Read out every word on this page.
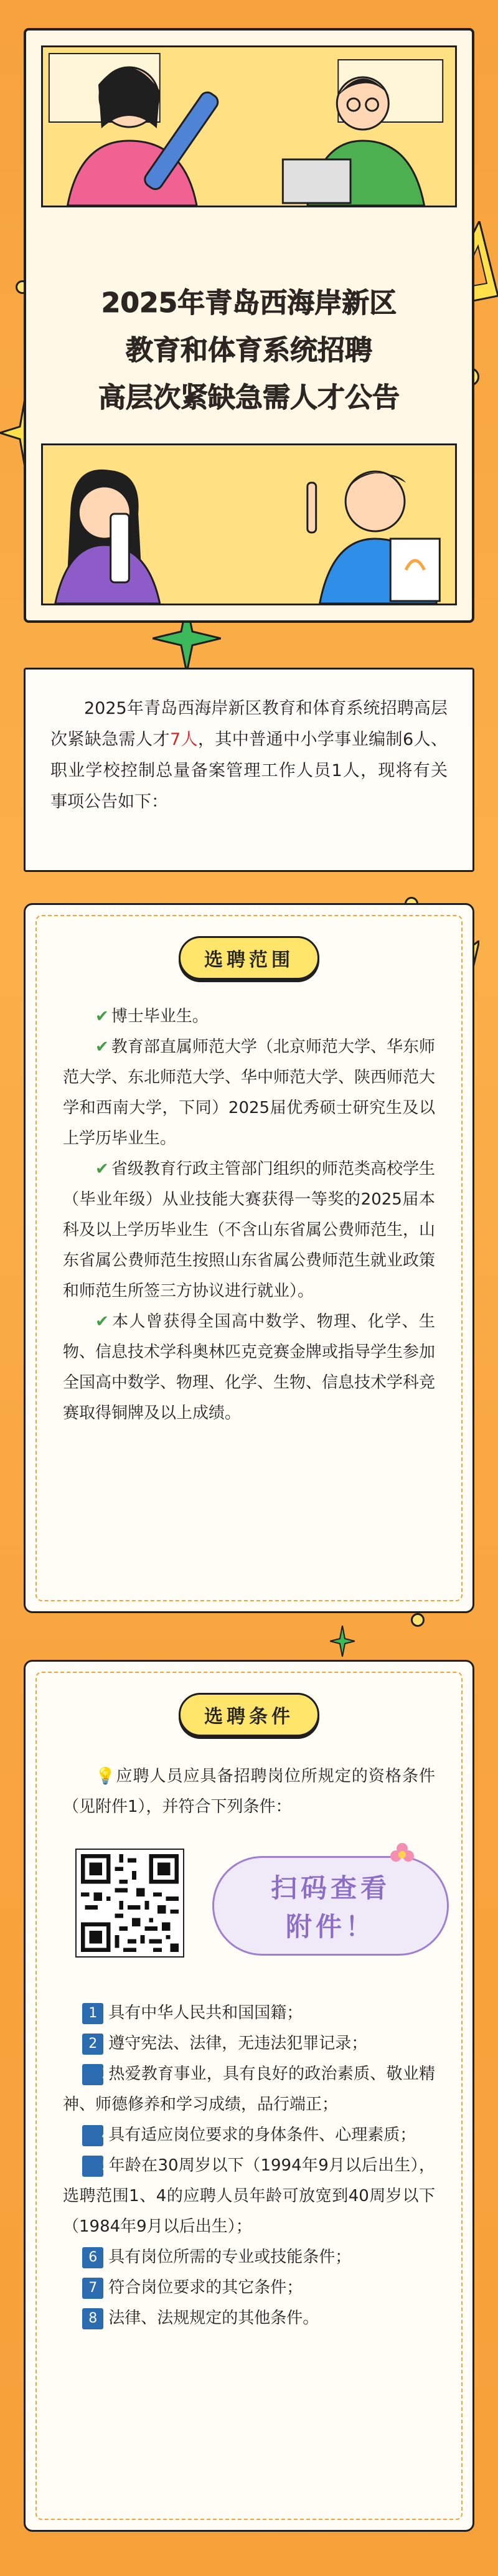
2025年青岛西海岸新区
教育和体育系统招聘
高层次紧缺急需人才公告
2025年青岛西海岸新区教育和体育系统招聘高层次紧缺急需人才7人，其中普通中小学事业编制6人、职业学校控制总量备案管理工作人员1人，现将有关事项公告如下：
选聘范围
✔ 博士毕业生。
✔ 教育部直属师范大学（北京师范大学、华东师范大学、东北师范大学、华中师范大学、陕西师范大学和西南大学，下同）2025届优秀硕士研究生及以上学历毕业生。
✔ 省级教育行政主管部门组织的师范类高校学生（毕业年级）从业技能大赛获得一等奖的2025届本科及以上学历毕业生（不含山东省属公费师范生，山东省属公费师范生按照山东省属公费师范生就业政策和师范生所签三方协议进行就业）。
✔ 本人曾获得全国高中数学、物理、化学、生物、信息技术学科奥林匹克竞赛金牌或指导学生参加全国高中数学、物理、化学、生物、信息技术学科竞赛取得铜牌及以上成绩。
选聘条件
💡应聘人员应具备招聘岗位所规定的资格条件（见附件1），并符合下列条件：
扫码查看
附件！
1 具有中华人民共和国国籍；
2 遵守宪法、法律，无违法犯罪记录；
3热爱教育事业，具有良好的政治素质、敬业精神、师德修养和学习成绩，品行端正；
4具有适应岗位要求的身体条件、心理素质；
5年龄在30周岁以下（1994年9月以后出生），选聘范围1、4的应聘人员年龄可放宽到40周岁以下（1984年9月以后出生）；
6 具有岗位所需的专业或技能条件；
7 符合岗位要求的其它条件；
8 法律、法规规定的其他条件。
